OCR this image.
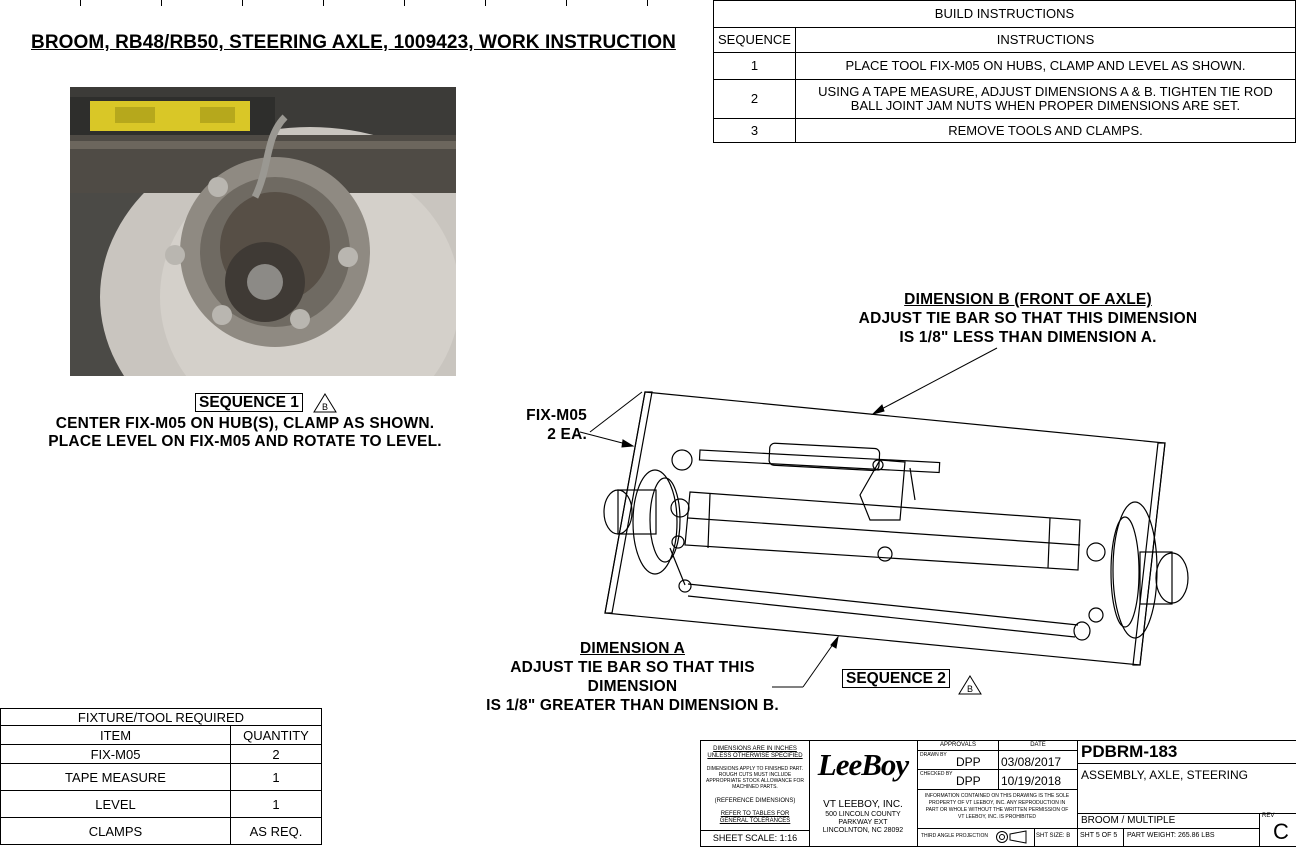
BROOM, RB48/RB50, STEERING AXLE, 1009423, WORK INSTRUCTION
BUILD INSTRUCTIONS	
SEQUENCE	INSTRUCTIONS
1	PLACE TOOL FIX-M05 ON HUBS, CLAMP AND LEVEL AS SHOWN.
2	USING A TAPE MEASURE, ADJUST DIMENSIONS A & B. TIGHTEN TIE ROD BALL JOINT JAM NUTS WHEN PROPER DIMENSIONS ARE SET.
3	REMOVE TOOLS AND CLAMPS.
SEQUENCE 1	B
CENTER FIX-M05 ON HUB(S), CLAMP AS SHOWN.
PLACE LEVEL ON FIX-M05 AND ROTATE TO LEVEL.
DIMENSION B (FRONT OF AXLE)
ADJUST TIE BAR SO THAT THIS DIMENSION
IS 1/8" LESS THAN DIMENSION A.
FIX-M05
2 EA.
DIMENSION A
ADJUST TIE BAR SO THAT THIS DIMENSION
IS 1/8" GREATER THAN DIMENSION B.
SEQUENCE 2
B
FIXTURE/TOOL REQUIRED	
ITEM	QUANTITY
FIX-M05	2
TAPE MEASURE	1
LEVEL	1
CLAMPS	AS REQ.
DIMENSIONS ARE IN INCHES
UNLESS OTHERWISE SPECIFIED
DIMENSIONS APPLY TO FINISHED PART. ROUGH CUTS MUST INCLUDE APPROPRIATE STOCK ALLOWANCE FOR MACHINED PARTS.
(REFERENCE DIMENSIONS)
REFER TO TABLES FOR GENERAL TOLERANCES
SHEET SCALE: 1:16
LeeBoy
VT LEEBOY, INC.
500 LINCOLN COUNTY
PARKWAY EXT
LINCOLNTON, NC 28092
APPROVALS	DATE
DRAWN BY DPP 03/08/2017
CHECKED BY DPP 10/19/2018
INFORMATION CONTAINED ON THIS DRAWING IS THE SOLE PROPERTY OF VT LEEBOY, INC. ANY REPRODUCTION IN PART OR WHOLE WITHOUT THE WRITTEN PERMISSION OF VT LEEBOY, INC. IS PROHIBITED
THIRD ANGLE PROJECTION	SHT SIZE: B
PDBRM-183
ASSEMBLY, AXLE, STEERING
BROOM / MULTIPLE	REV
C
SHT 5 OF 5 PART WEIGHT: 265.86 LBS
